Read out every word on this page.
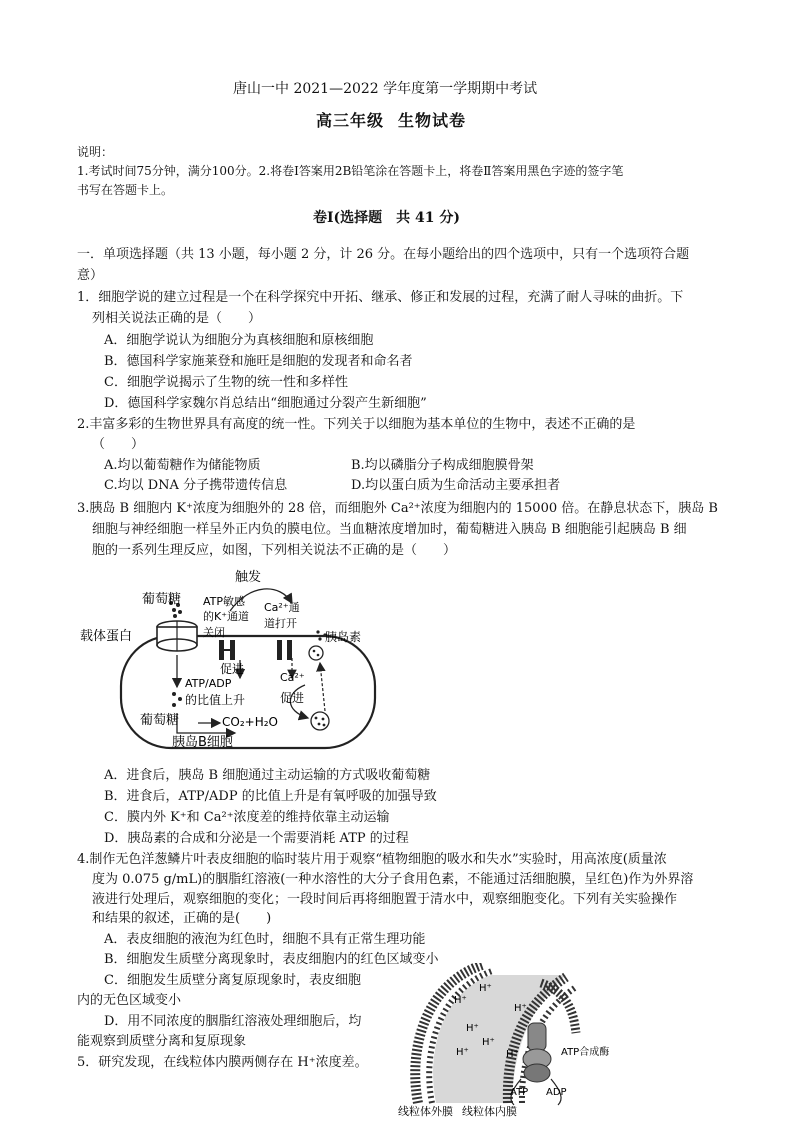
唐山一中 2021—2022 学年度第一学期期中考试
高三年级 生物试卷
说明：
1.考试时间75分钟，满分100分。2.将卷Ⅰ答案用2B铅笔涂在答题卡上，将卷Ⅱ答案用黑色字迹的签字笔
书写在答题卡上。
卷Ⅰ(选择题　共 41 分)
一．单项选择题（共 13 小题，每小题 2 分，计 26 分。在每小题给出的四个选项中，只有一个选项符合题
意）
1．细胞学说的建立过程是一个在科学探究中开拓、继承、修正和发展的过程，充满了耐人寻味的曲折。下
列相关说法正确的是（　　）
A．细胞学说认为细胞分为真核细胞和原核细胞
B．德国科学家施莱登和施旺是细胞的发现者和命名者
C．细胞学说揭示了生物的统一性和多样性
D．德国科学家魏尔肖总结出“细胞通过分裂产生新细胞”
2.丰富多彩的生物世界具有高度的统一性。下列关于以细胞为基本单位的生物中，表述不正确的是
（　　）
A.均以葡萄糖作为储能物质	B.均以磷脂分子构成细胞膜骨架
C.均以 DNA 分子携带遗传信息	D.均以蛋白质为生命活动主要承担者
3.胰岛 B 细胞内 K⁺浓度为细胞外的 28 倍，而细胞外 Ca²⁺浓度为细胞内的 15000 倍。在静息状态下，胰岛 B
细胞与神经细胞一样呈外正内负的膜电位。当血糖浓度增加时，葡萄糖进入胰岛 B 细胞能引起胰岛 B 细
胞的一系列生理反应，如图，下列相关说法不正确的是（　　）
触发
葡萄糖
载体蛋白
ATP敏感
的K⁺通道
关闭
Ca²⁺通
道打开
胰岛素
促进
ATP/ADP
的比值上升
Ca²⁺
促进
葡萄糖	CO₂+H₂O
胰岛B细胞
A．进食后，胰岛 B 细胞通过主动运输的方式吸收葡萄糖
B．进食后，ATP/ADP 的比值上升是有氧呼吸的加强导致
C．膜内外 K⁺和 Ca²⁺浓度差的维持依靠主动运输
D．胰岛素的合成和分泌是一个需要消耗 ATP 的过程
4.制作无色洋葱鳞片叶表皮细胞的临时装片用于观察“植物细胞的吸水和失水”实验时，用高浓度(质量浓
度为 0.075 g/mL)的胭脂红溶液(一种水溶性的大分子食用色素，不能通过活细胞膜，呈红色)作为外界溶
液进行处理后，观察细胞的变化；一段时间后再将细胞置于清水中，观察细胞变化。下列有关实验操作
和结果的叙述，正确的是(　　)
A．表皮细胞的液泡为红色时，细胞不具有正常生理功能
B．细胞发生质壁分离现象时，表皮细胞内的红色区域变小
C．细胞发生质壁分离复原现象时，表皮细胞
内的无色区域变小
D．用不同浓度的胭脂红溶液处理细胞后，均
能观察到质壁分离和复原现象
5．研究发现，在线粒体内膜两侧存在 H⁺浓度差。
H⁺
H⁺
H⁺
H⁺
H⁺
H⁺	H⁺	ATP合成酶
ATP ADP
线粒体外膜 线粒体内膜
